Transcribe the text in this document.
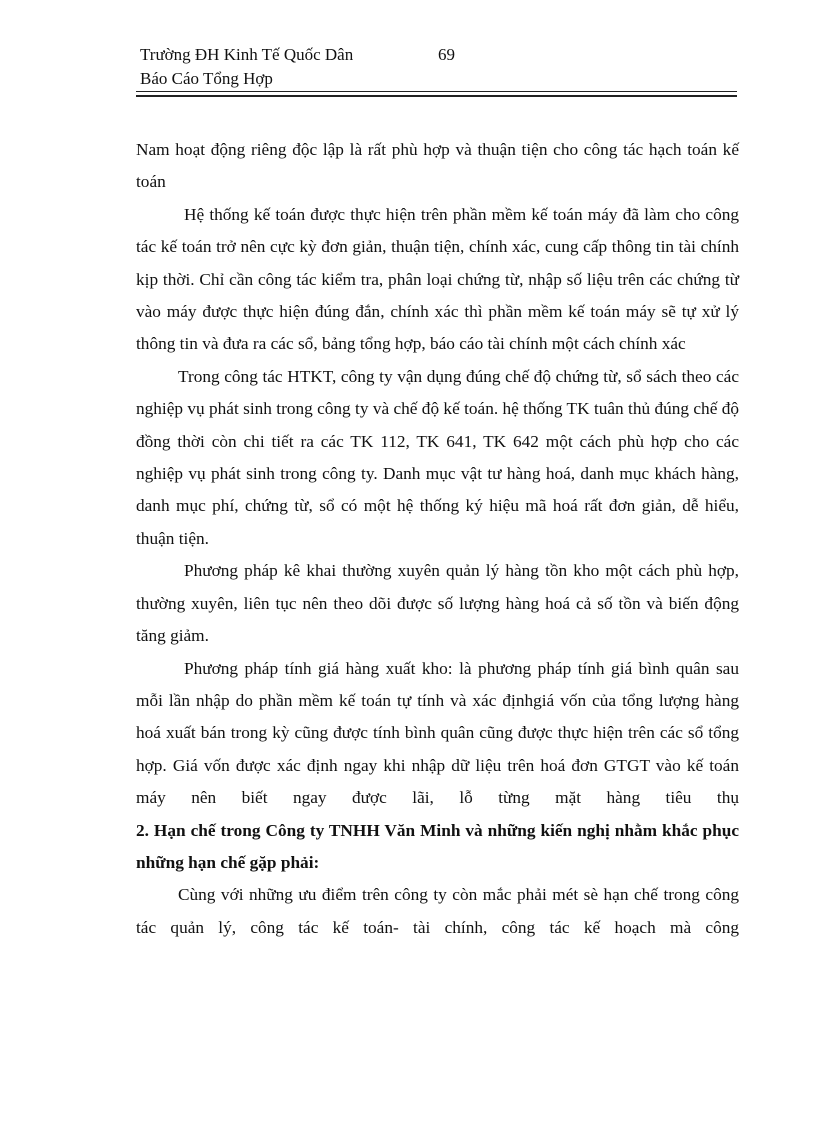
Trường ĐH Kinh Tế Quốc Dân	69
Báo Cáo Tổng Hợp

Nam hoạt động riêng độc lập là rất phù hợp và thuận tiện cho công tác hạch toán kế toán

Hệ thống kế toán được thực hiện trên phần mềm kế toán máy đã làm cho công tác kế toán trở nên cực kỳ đơn giản, thuận tiện, chính xác, cung cấp thông tin tài chính kịp thời. Chỉ cần công tác kiểm tra, phân loại chứng từ, nhập số liệu trên các chứng từ vào máy được thực hiện đúng đắn, chính xác thì phần mềm kế toán máy sẽ tự xử lý thông tin và đưa ra các sổ, bảng tổng hợp, báo cáo tài chính một cách chính xác

Trong công tác HTKT, công ty vận dụng đúng chế độ chứng từ, sổ sách theo các nghiệp vụ phát sinh trong công ty và chế độ kế toán. hệ thống TK tuân thủ đúng chế độ đồng thời còn chi tiết ra các TK 112, TK 641, TK 642 một cách phù hợp cho các nghiệp vụ phát sinh trong công ty. Danh mục vật tư hàng hoá, danh mục khách hàng, danh mục phí, chứng từ, sổ có một hệ thống ký hiệu mã hoá rất đơn giản, dễ hiểu, thuận tiện.

Phương pháp kê khai thường xuyên quản lý hàng tồn kho một cách phù hợp, thường xuyên, liên tục nên theo dõi được số lượng hàng hoá cả số tồn và biến động tăng giảm.

Phương pháp tính giá hàng xuất kho: là phương pháp tính giá bình quân sau mỗi lần nhập do phần mềm kế toán tự tính và xác địnhgiá vốn của tổng lượng hàng hoá xuất bán trong kỳ cũng được tính bình quân cũng được thực hiện trên các sổ tổng hợp. Giá vốn được xác định ngay khi nhập dữ liệu trên hoá đơn GTGT vào kế toán máy nên biết ngay được lãi, lỗ từng mặt hàng tiêu thụ

2. Hạn chế trong Công ty TNHH Văn Minh và những kiến nghị nhằm khắc phục những hạn chế gặp phải:

Cùng với những ưu điểm trên công ty còn mắc phải mét sè hạn chế trong công tác quản lý, công tác kế toán- tài chính, công tác kế hoạch mà công
